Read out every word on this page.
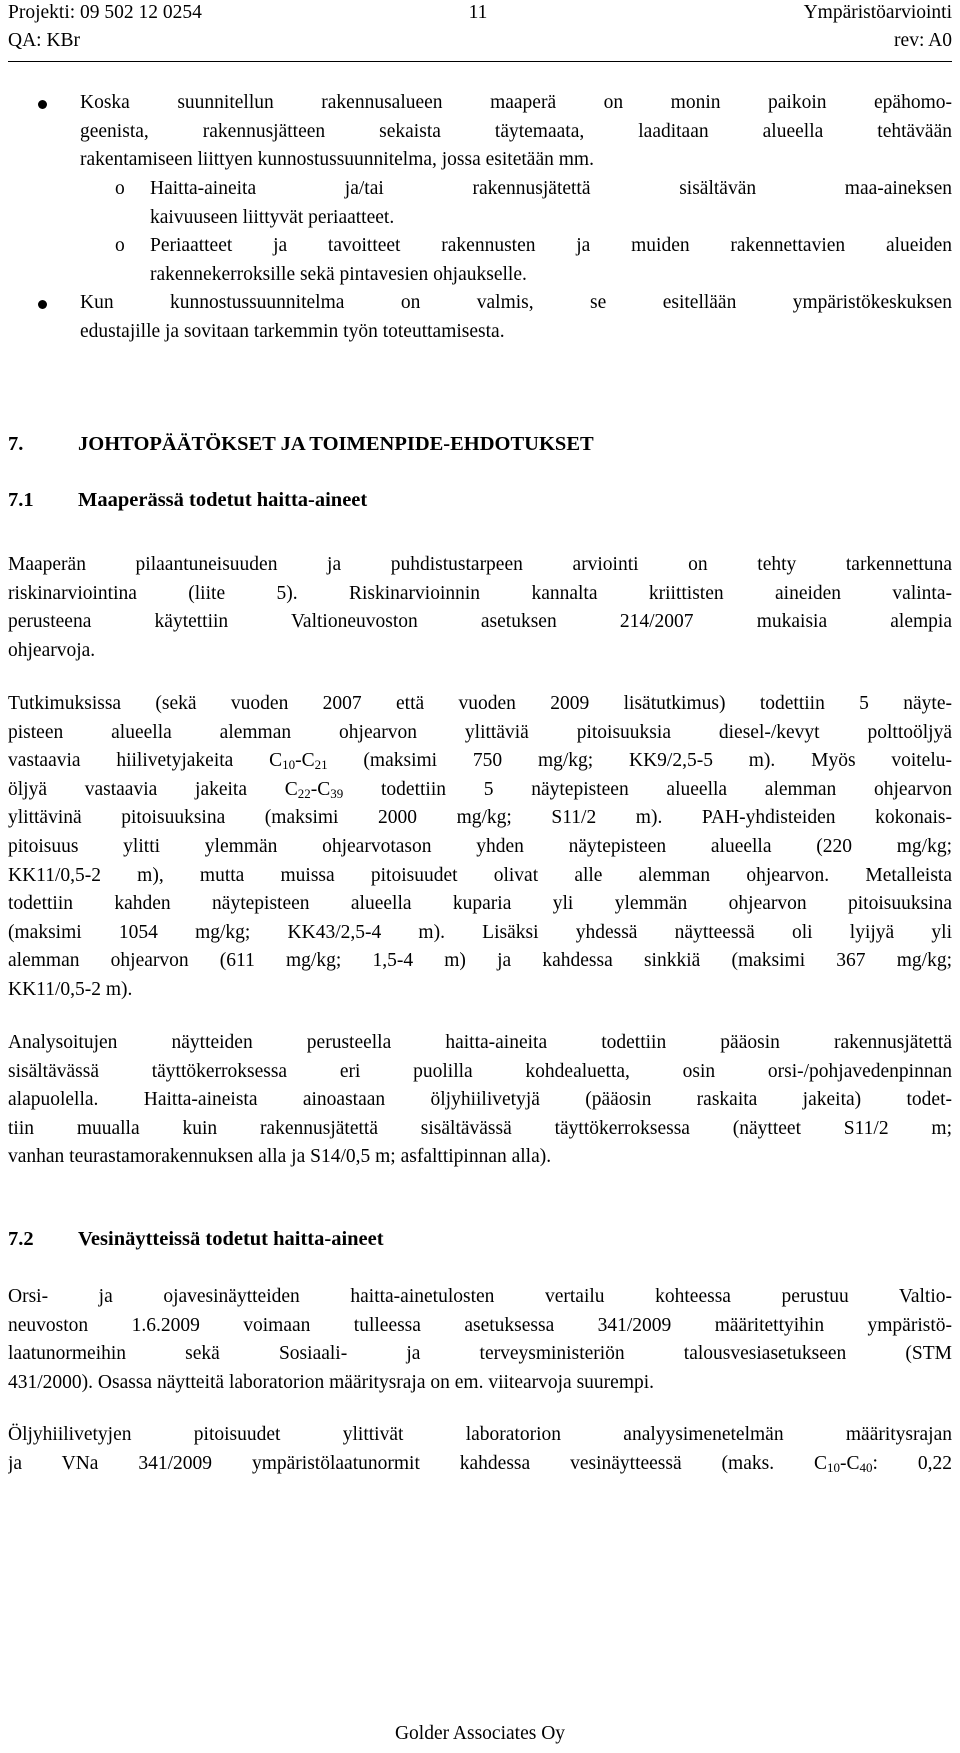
Projekti: 09 502 12 0254	11	Ympäristöarviointi
QA: KBr	rev: A0
Koska suunnitellun rakennusalueen maaperä on monin paikoin epähomo-
geenista, rakennusjätteen sekaista täytemaata, laaditaan alueella tehtävään
rakentamiseen liittyen kunnostussuunnitelma, jossa esitetään mm.
o Haitta-aineita ja/tai rakennusjätettä sisältävän maa-aineksen
kaivuuseen liittyvät periaatteet.
o Periaatteet ja tavoitteet rakennusten ja muiden rakennettavien alueiden
rakennekerroksille sekä pintavesien ohjaukselle.
Kun kunnostussuunnitelma on valmis, se esitellään ympäristökeskuksen
edustajille ja sovitaan tarkemmin työn toteuttamisesta.
7.	JOHTOPÄÄTÖKSET JA TOIMENPIDE-EHDOTUKSET
7.1 Maaperässä todetut haitta-aineet
Maaperän pilaantuneisuuden ja puhdistustarpeen arviointi on tehty tarkennettuna
riskinarviointina (liite 5). Riskinarvioinnin kannalta kriittisten aineiden valinta-
perusteena käytettiin Valtioneuvoston asetuksen 214/2007 mukaisia alempia
ohjearvoja.
Tutkimuksissa (sekä vuoden 2007 että vuoden 2009 lisätutkimus) todettiin 5 näyte-
pisteen alueella alemman ohjearvon ylittäviä pitoisuuksia diesel-/kevyt polttoöljyä
vastaavia hiilivetyjakeita $C_{10}-C_{21}$ (maksimi 750 mg/kg; KK9/2,5-5 m). Myös voitelu-
öljyä vastaavia jakeita $C_{22}-C_{39}$ todettiin 5 näytepisteen alueella alemman ohjearvon
ylittävinä pitoisuuksina (maksimi 2000 mg/kg; S11/2 m). PAH-yhdisteiden kokonais-
pitoisuus ylitti ylemmän ohjearvotason yhden näytepisteen alueella (220 mg/kg;
KK11/0,5-2 m), mutta muissa pitoisuudet olivat alle alemman ohjearvon. Metalleista
todettiin kahden näytepisteen alueella kuparia yli ylemmän ohjearvon pitoisuuksina
(maksimi 1054 mg/kg; KK43/2,5-4 m). Lisäksi yhdessä näytteessä oli lyijyä yli
alemman ohjearvon (611 mg/kg; 1,5-4 m) ja kahdessa sinkkiä (maksimi 367 mg/kg;
KK11/0,5-2 m).
Analysoitujen näytteiden perusteella haitta-aineita todettiin pääosin rakennusjätettä
sisältävässä täyttökerroksessa eri puolilla kohdealuetta, osin orsi-/pohjavedenpinnan
alapuolella. Haitta-aineista ainoastaan öljyhiilivetyjä (pääosin raskaita jakeita) todet-
tiin muualla kuin rakennusjätettä sisältävässä täyttökerroksessa (näytteet S11/2 m;
vanhan teurastamorakennuksen alla ja S14/0,5 m; asfalttipinnan alla).
7.2 Vesinäytteissä todetut haitta-aineet
Orsi- ja ojavesinäytteiden haitta-ainetulosten vertailu kohteessa perustuu Valtio-
neuvoston 1.6.2009 voimaan tulleessa asetuksessa 341/2009 määritettyihin ympäristö-
laatunormeihin sekä Sosiaali- ja terveysministeriön talousvesiasetukseen (STM
431/2000). Osassa näytteitä laboratorion määritysraja on em. viitearvoja suurempi.
Öljyhiilivetyjen pitoisuudet ylittivät laboratorion analyysimenetelmän määritysrajan
ja VNa 341/2009 ympäristölaatunormit kahdessa vesinäytteessä (maks. $C_{10}-C_{40}$: 0,22
Golder Associates Oy
